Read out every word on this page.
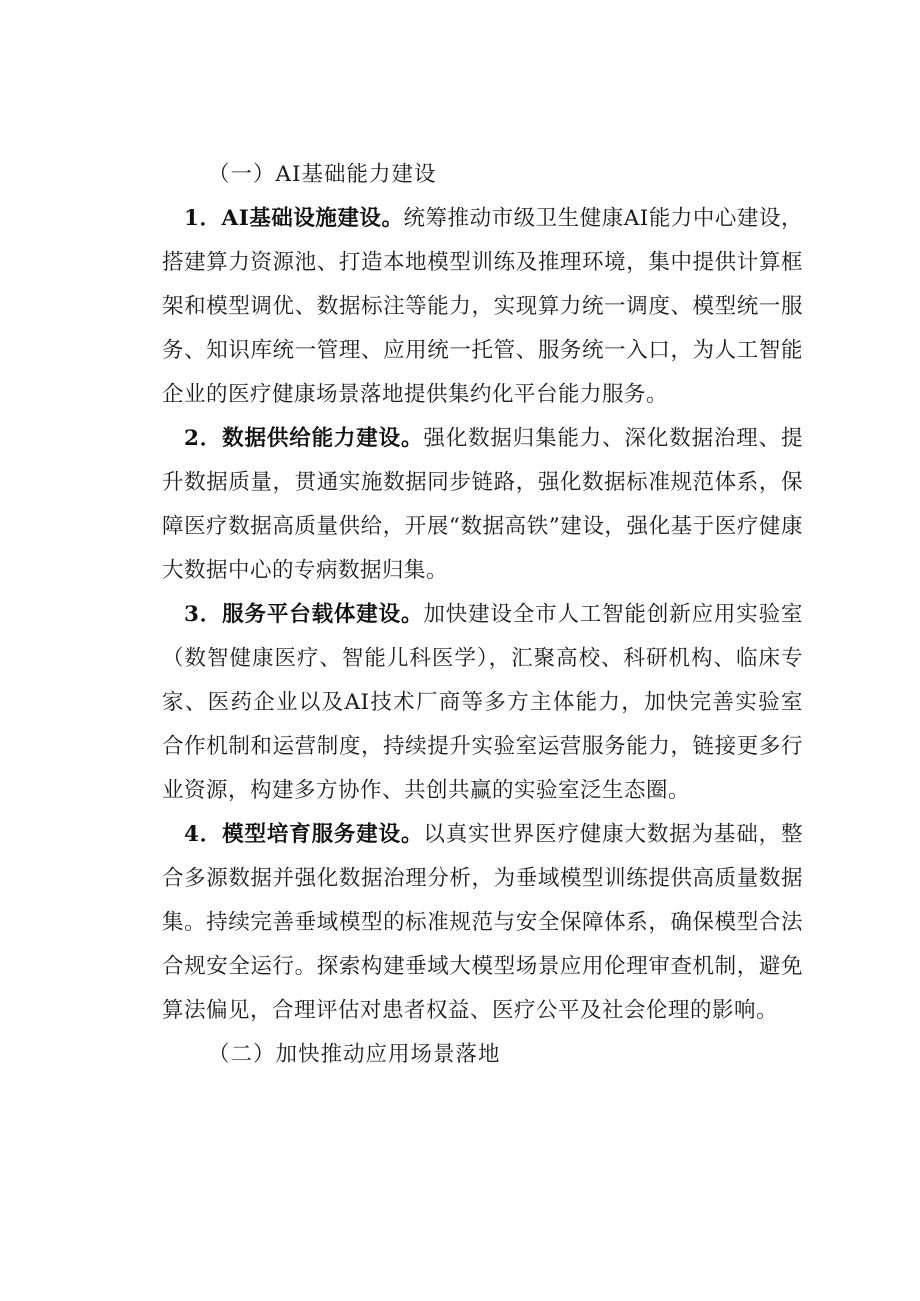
（一）AI基础能力建设

1．AI基础设施建设。统筹推动市级卫生健康AI能力中心建设，搭建算力资源池、打造本地模型训练及推理环境，集中提供计算框架和模型调优、数据标注等能力，实现算力统一调度、模型统一服务、知识库统一管理、应用统一托管、服务统一入口，为人工智能企业的医疗健康场景落地提供集约化平台能力服务。

2．数据供给能力建设。强化数据归集能力、深化数据治理、提升数据质量，贯通实施数据同步链路，强化数据标准规范体系，保障医疗数据高质量供给，开展“数据高铁”建设，强化基于医疗健康大数据中心的专病数据归集。

3．服务平台载体建设。加快建设全市人工智能创新应用实验室（数智健康医疗、智能儿科医学），汇聚高校、科研机构、临床专家、医药企业以及AI技术厂商等多方主体能力，加快完善实验室合作机制和运营制度，持续提升实验室运营服务能力，链接更多行业资源，构建多方协作、共创共赢的实验室泛生态圈。

4．模型培育服务建设。以真实世界医疗健康大数据为基础，整合多源数据并强化数据治理分析，为垂域模型训练提供高质量数据集。持续完善垂域模型的标准规范与安全保障体系，确保模型合法合规安全运行。探索构建垂域大模型场景应用伦理审查机制，避免算法偏见，合理评估对患者权益、医疗公平及社会伦理的影响。

（二）加快推动应用场景落地
